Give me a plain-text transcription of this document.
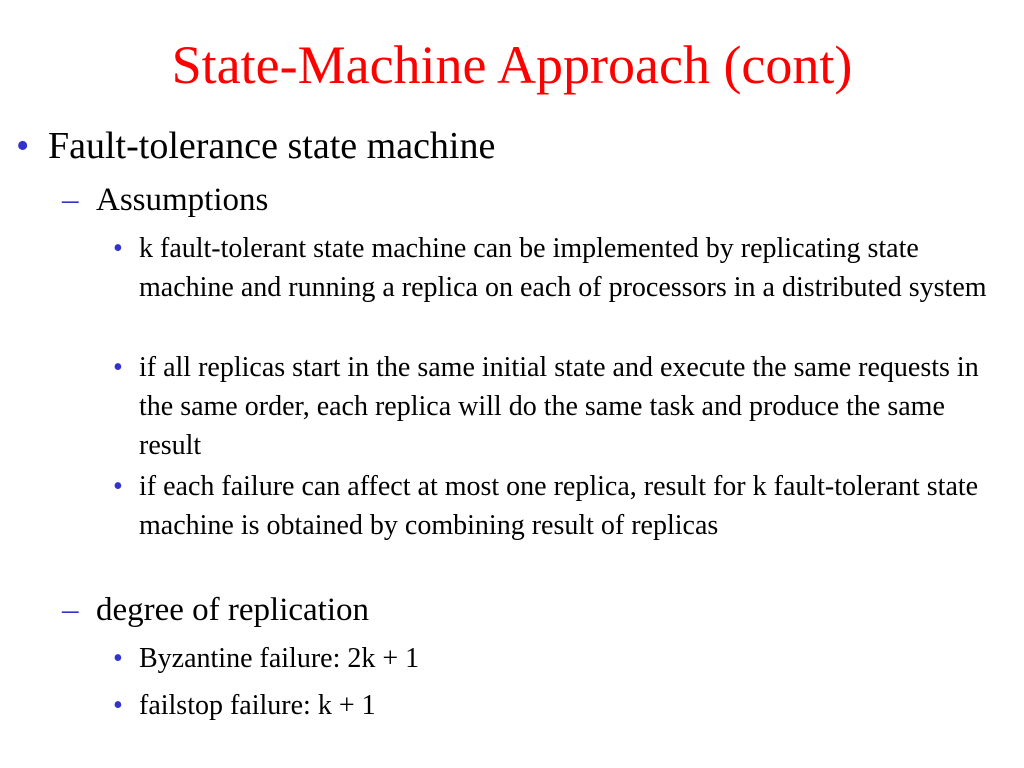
State-Machine Approach (cont)
• Fault-tolerance state machine
– Assumptions
• k fault-tolerant state machine can be implemented by replicating state machine and running a replica on each of processors in a distributed system
• if all replicas start in the same initial state and execute the same requests in the same order, each replica will do the same task and produce the same result
• if each failure can affect at most one replica, result for k fault-tolerant state machine is obtained by combining result of replicas
– degree of replication
• Byzantine failure: 2k + 1
• failstop failure: k + 1
